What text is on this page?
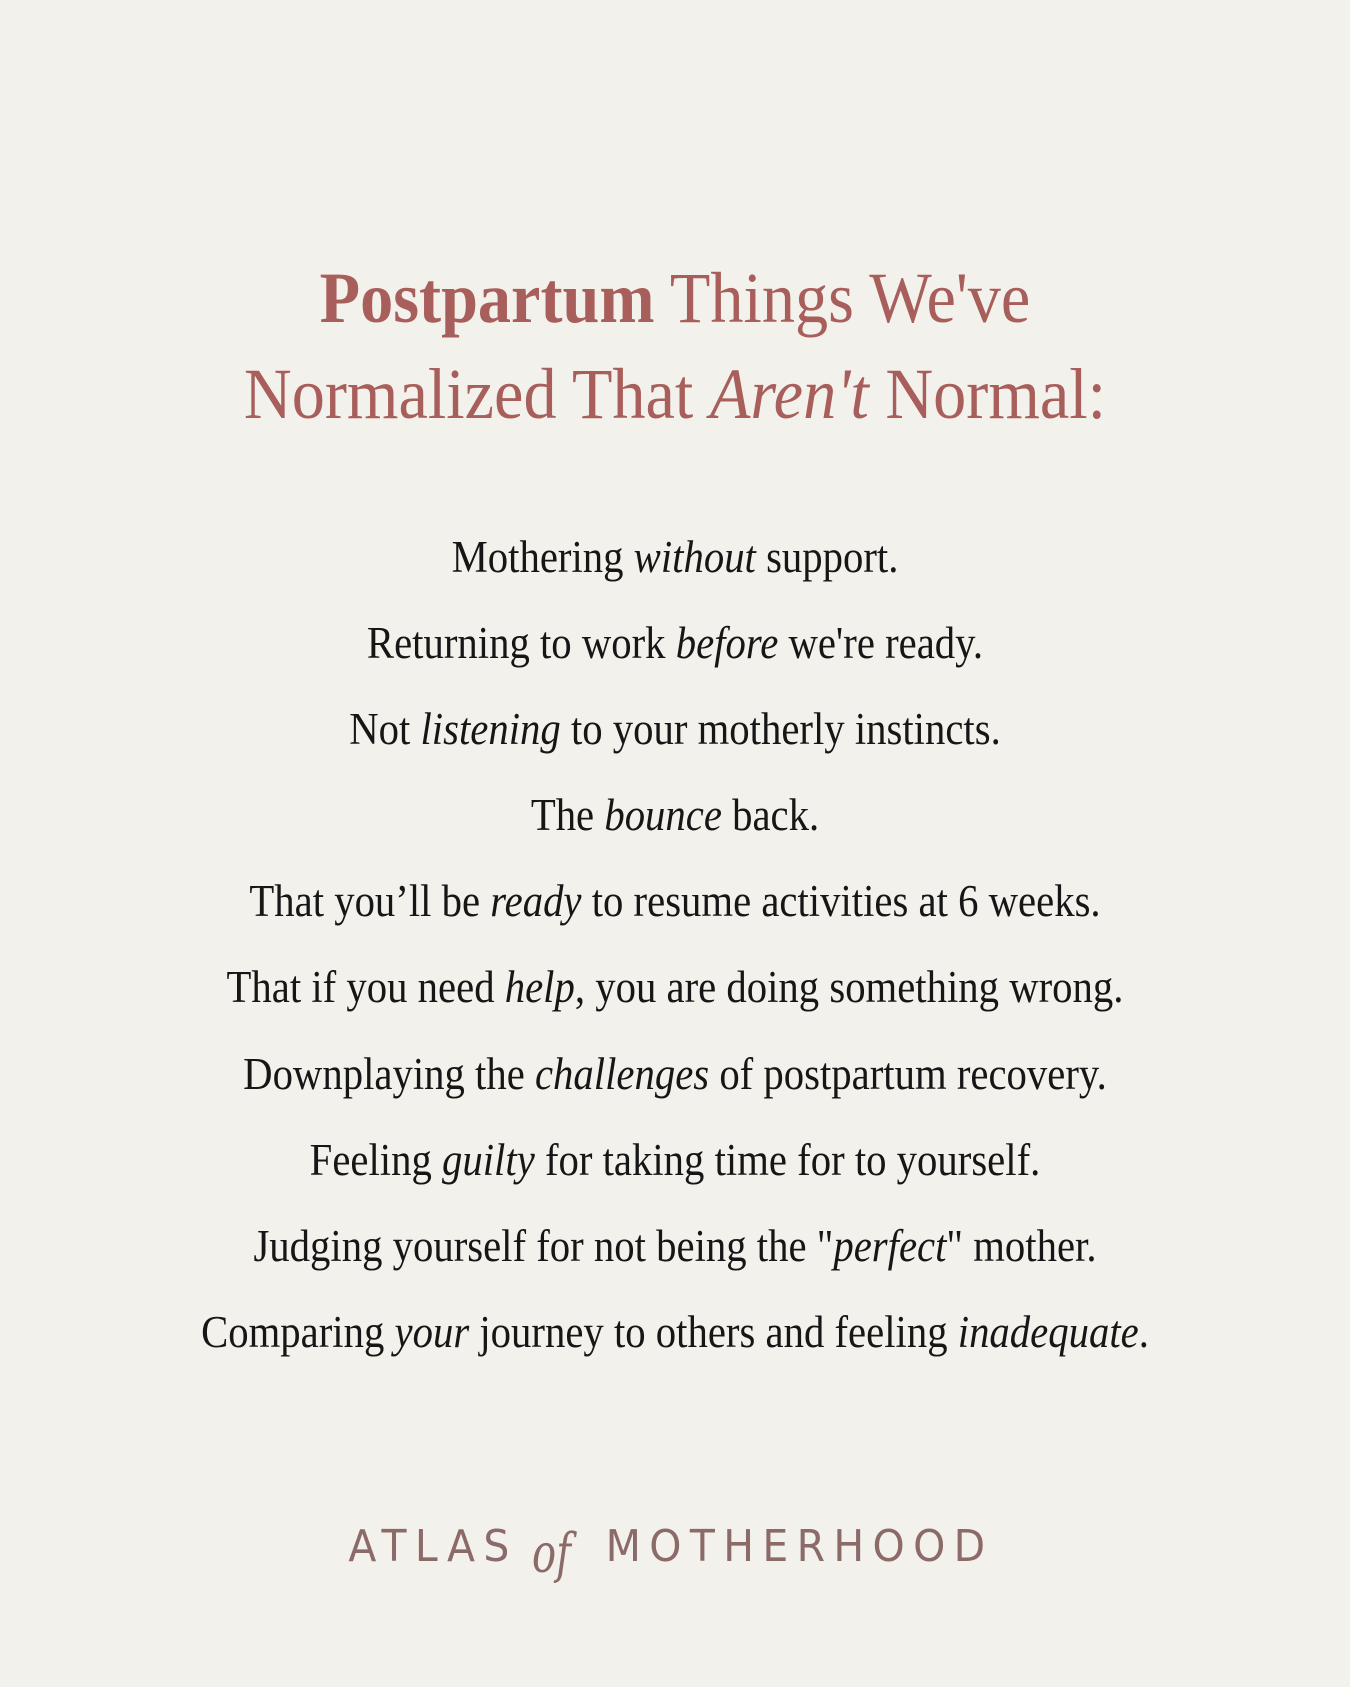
Postpartum Things We've
Normalized That Aren't Normal:
Mothering without support.
Returning to work before we're ready.
Not listening to your motherly instincts.
The bounce back.
That you’ll be ready to resume activities at 6 weeks.
That if you need help, you are doing something wrong.
Downplaying the challenges of postpartum recovery.
Feeling guilty for taking time for to yourself.
Judging yourself for not being the "perfect" mother.
Comparing your journey to others and feeling inadequate.
ATLAS of MOTHERHOOD
